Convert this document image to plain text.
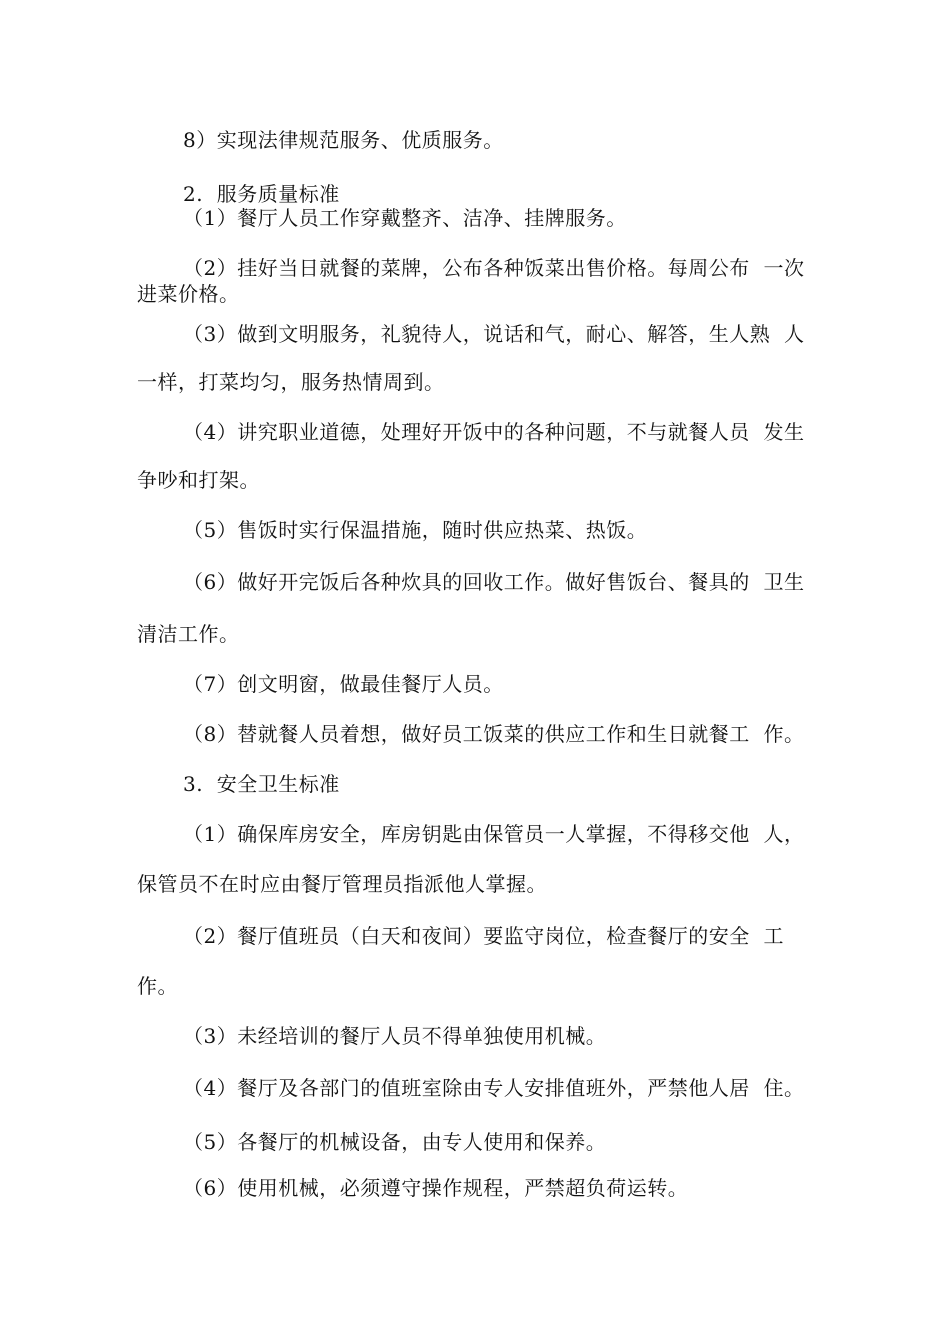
8）实现法律规范服务、优质服务。
2.  服务质量标准
（1）餐厅人员工作穿戴整齐、洁净、挂牌服务。
（2）挂好当日就餐的菜牌，公布各种饭菜出售价格。每周公布  一次
进菜价格。
（3）做到文明服务，礼貌待人，说话和气，耐心、解答，生人熟  人
一样，打菜均匀，服务热情周到。
（4）讲究职业道德，处理好开饭中的各种问题，不与就餐人员  发生
争吵和打架。
（5）售饭时实行保温措施，随时供应热菜、热饭。
（6）做好开完饭后各种炊具的回收工作。做好售饭台、餐具的  卫生
清洁工作。
（7）创文明窗，做最佳餐厅人员。
（8）替就餐人员着想，做好员工饭菜的供应工作和生日就餐工  作。
3.  安全卫生标准
（1）确保库房安全，库房钥匙由保管员一人掌握，不得移交他  人，
保管员不在时应由餐厅管理员指派他人掌握。
（2）餐厅值班员（白天和夜间）要监守岗位，检查餐厅的安全  工
作。
（3）未经培训的餐厅人员不得单独使用机械。
（4）餐厅及各部门的值班室除由专人安排值班外，严禁他人居  住。
（5）各餐厅的机械设备，由专人使用和保养。
（6）使用机械，必须遵守操作规程，严禁超负荷运转。
